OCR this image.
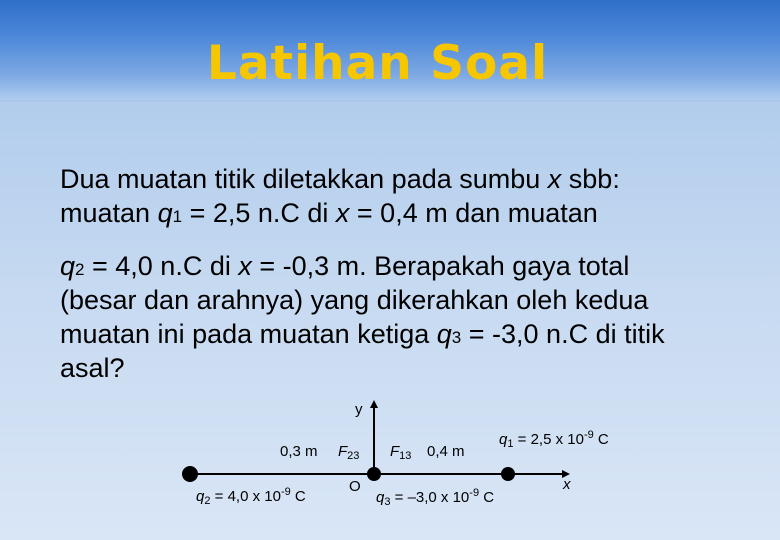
Latihan Soal
Dua muatan titik diletakkan pada sumbu x sbb:
muatan q1 = 2,5 n.C di x = 0,4 m dan muatan
q2 = 4,0 n.C di x = -0,3 m. Berapakah gaya total
(besar dan arahnya) yang dikerahkan oleh kedua
muatan ini pada muatan ketiga q3 = -3,0 n.C di titik
asal?
y
x
O
0,3 m	0,4 m
$F_{23}$ $F_{13}$
$q_1 = 2,5$ x $10^{-9}$ C
$q_2 = 4,0$ x $10^{-9}$ C	$q_3 = -3,0$ x $10^{-9}$ C
